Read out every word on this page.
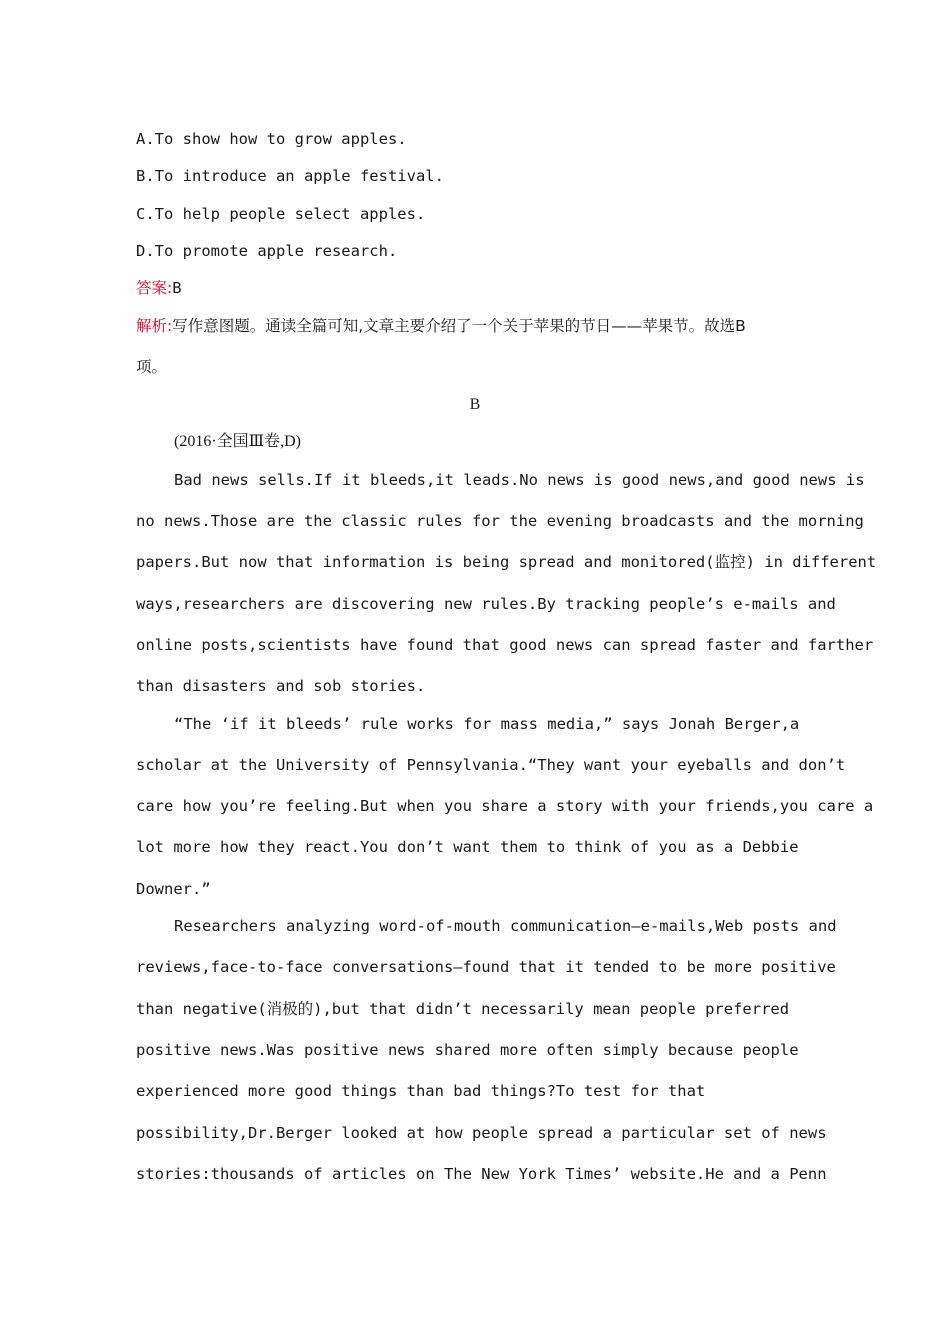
A.To show how to grow apples.
B.To introduce an apple festival.
C.To help people select apples.
D.To promote apple research.
答案:B
解析:写作意图题。通读全篇可知,文章主要介绍了一个关于苹果的节日——苹果节。故选B
项。
B
(2016·全国Ⅲ卷,D)
Bad news sells.If it bleeds,it leads.No news is good news,and good news is
no news.Those are the classic rules for the evening broadcasts and the morning
papers.But now that information is being spread and monitored(监控) in different
ways,researchers are discovering new rules.By tracking people’s e-mails and
online posts,scientists have found that good news can spread faster and farther
than disasters and sob stories.
“The ‘if it bleeds’ rule works for mass media,” says Jonah Berger,a
scholar at the University of Pennsylvania.“They want your eyeballs and don’t
care how you’re feeling.But when you share a story with your friends,you care a
lot more how they react.You don’t want them to think of you as a Debbie
Downer.”
Researchers analyzing word-of-mouth communication—e-mails,Web posts and
reviews,face-to-face conversations—found that it tended to be more positive
than negative(消极的),but that didn’t necessarily mean people preferred
positive news.Was positive news shared more often simply because people
experienced more good things than bad things?To test for that
possibility,Dr.Berger looked at how people spread a particular set of news
stories:thousands of articles on The New York Times’ website.He and a Penn
